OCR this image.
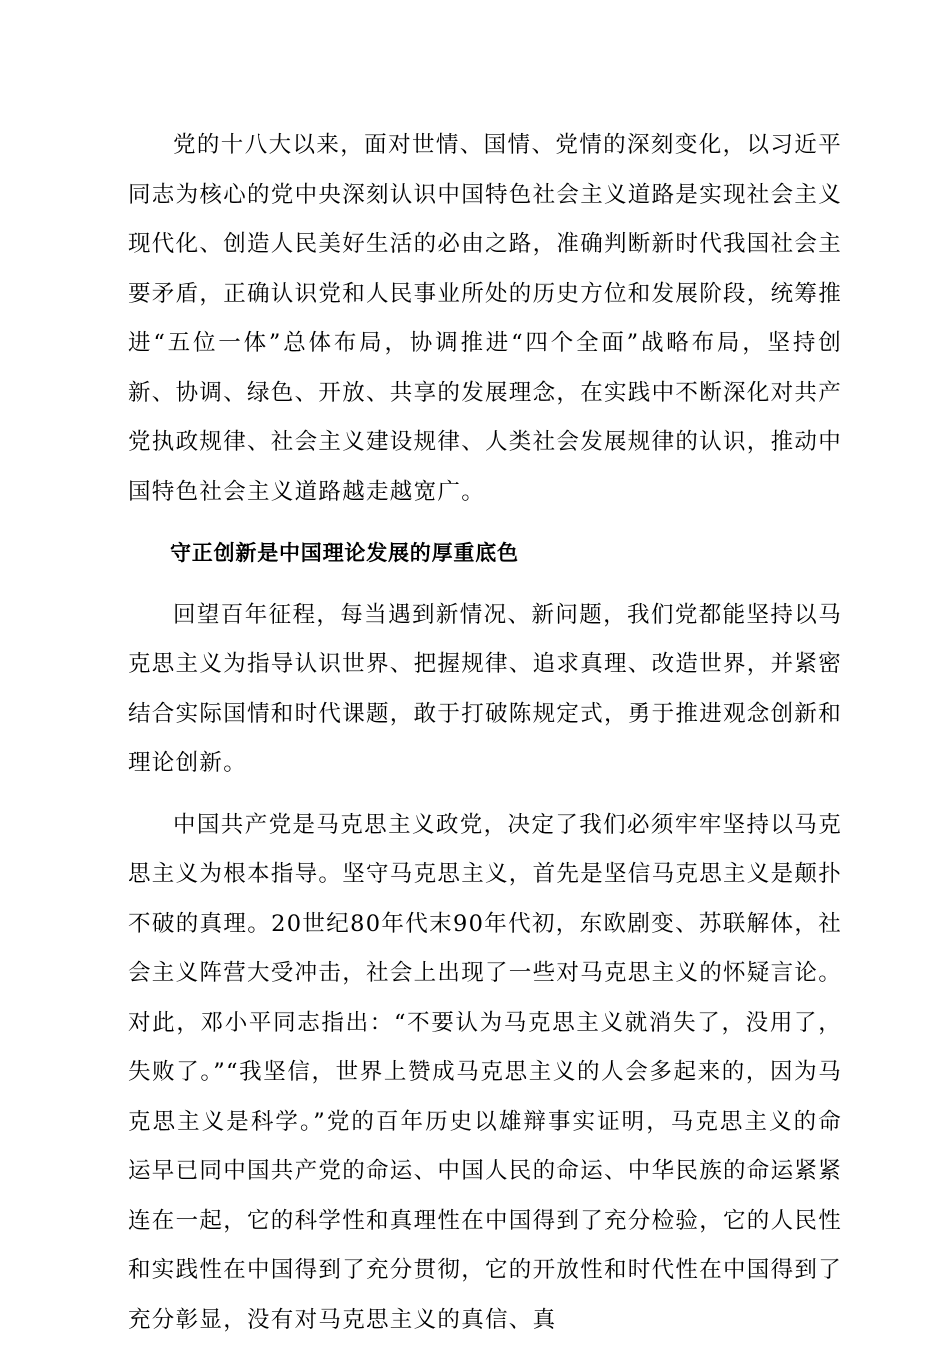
党的十八大以来，面对世情、国情、党情的深刻变化，以习近平同志为核心的党中央深刻认识中国特色社会主义道路是实现社会主义现代化、创造人民美好生活的必由之路，准确判断新时代我国社会主要矛盾，正确认识党和人民事业所处的历史方位和发展阶段，统筹推进“五位一体”总体布局，协调推进“四个全面”战略布局，坚持创新、协调、绿色、开放、共享的发展理念，在实践中不断深化对共产党执政规律、社会主义建设规律、人类社会发展规律的认识，推动中国特色社会主义道路越走越宽广。

守正创新是中国理论发展的厚重底色

回望百年征程，每当遇到新情况、新问题，我们党都能坚持以马克思主义为指导认识世界、把握规律、追求真理、改造世界，并紧密结合实际国情和时代课题，敢于打破陈规定式，勇于推进观念创新和理论创新。

中国共产党是马克思主义政党，决定了我们必须牢牢坚持以马克思主义为根本指导。坚守马克思主义，首先是坚信马克思主义是颠扑不破的真理。20世纪80年代末90年代初，东欧剧变、苏联解体，社会主义阵营大受冲击，社会上出现了一些对马克思主义的怀疑言论。对此，邓小平同志指出：“不要认为马克思主义就消失了，没用了，失败了。”“我坚信，世界上赞成马克思主义的人会多起来的，因为马克思主义是科学。”党的百年历史以雄辩事实证明，马克思主义的命运早已同中国共产党的命运、中国人民的命运、中华民族的命运紧紧连在一起，它的科学性和真理性在中国得到了充分检验，它的人民性和实践性在中国得到了充分贯彻，它的开放性和时代性在中国得到了充分彰显，没有对马克思主义的真信、真
